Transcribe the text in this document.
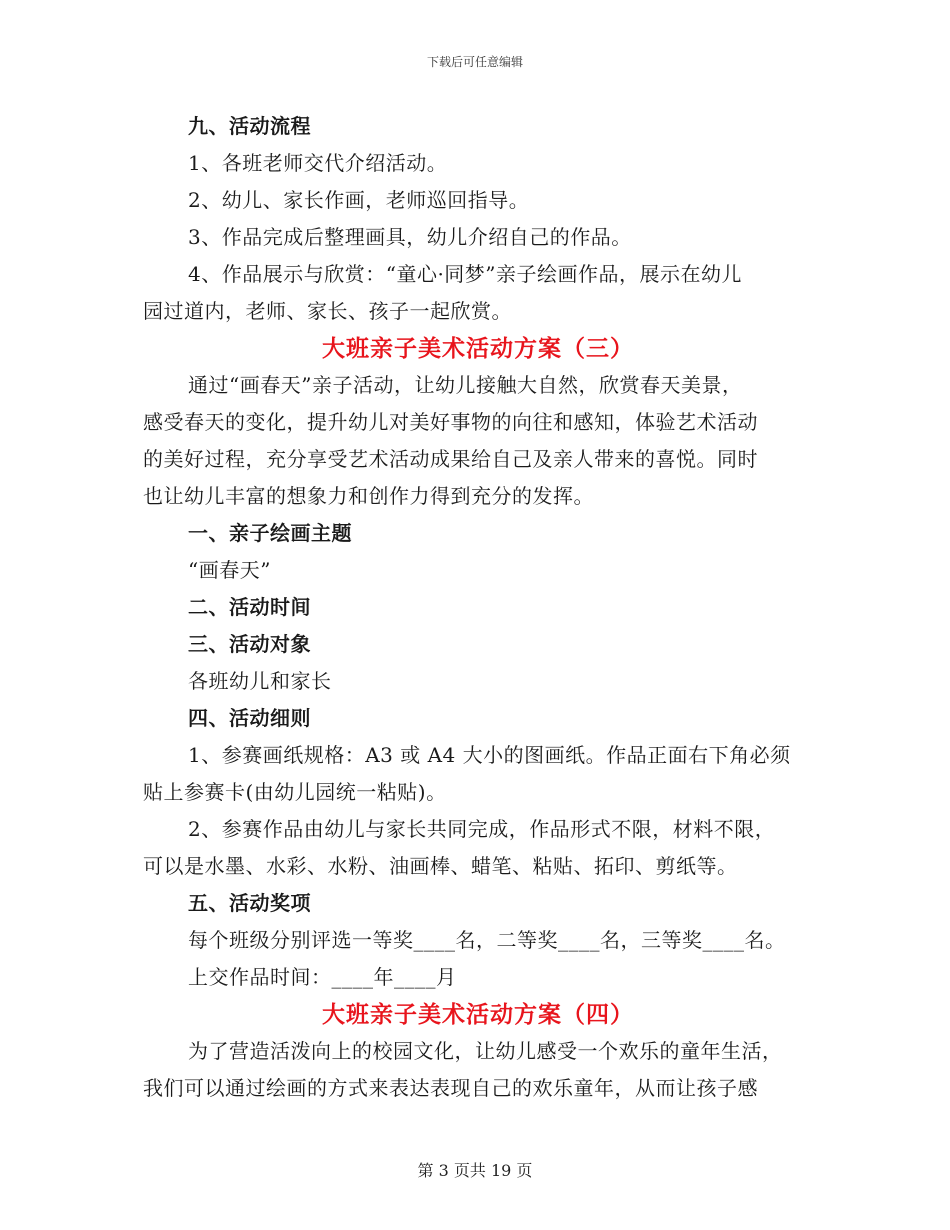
下载后可任意编辑
九、活动流程
1、各班老师交代介绍活动。
2、幼儿、家长作画，老师巡回指导。
3、作品完成后整理画具，幼儿介绍自己的作品。
4、作品展示与欣赏：“童心·同梦”亲子绘画作品，展示在幼儿
园过道内，老师、家长、孩子一起欣赏。
大班亲子美术活动方案（三）
通过“画春天”亲子活动，让幼儿接触大自然，欣赏春天美景，
感受春天的变化，提升幼儿对美好事物的向往和感知，体验艺术活动
的美好过程，充分享受艺术活动成果给自己及亲人带来的喜悦。同时
也让幼儿丰富的想象力和创作力得到充分的发挥。
一、亲子绘画主题
“画春天”
二、活动时间
三、活动对象
各班幼儿和家长
四、活动细则
1、参赛画纸规格：A3 或 A4 大小的图画纸。作品正面右下角必须
贴上参赛卡(由幼儿园统一粘贴)。
2、参赛作品由幼儿与家长共同完成，作品形式不限，材料不限，
可以是水墨、水彩、水粉、油画棒、蜡笔、粘贴、拓印、剪纸等。
五、活动奖项
每个班级分别评选一等奖____名，二等奖____名，三等奖____名。
上交作品时间：____年____月
大班亲子美术活动方案（四）
为了营造活泼向上的校园文化，让幼儿感受一个欢乐的童年生活，
我们可以通过绘画的方式来表达表现自己的欢乐童年，从而让孩子感
第 3 页共 19 页
